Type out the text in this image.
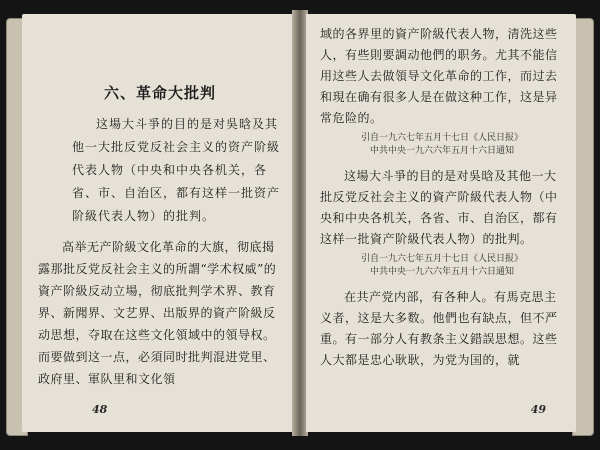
六、革命大批判
这場大斗爭的目的是对吳晗及其他一大批反党反社会主义的资产阶級代表人物（中央和中央各机关，各省、市、自治区，都有这样一批资产阶級代表人物）的批判。
高举无产阶級文化革命的大旗，彻底揭露那批反党反社会主义的所謂“学术权威”的資产阶級反动立場，彻底批判学术界、教育界、新聞界、文艺界、出版界的資产阶級反动思想，夺取在这些文化領域中的領导权。而要做到这一点，必須同时批判混进党里、政府里、軍队里和文化領
48
域的各界里的資产阶級代表人物，清洗这些人，有些則要調动他們的职务。尤其不能信用这些人去做領导文化革命的工作，而过去和現在确有很多人是在做这种工作，这是异常危险的。
引自一九六七年五月十七日《人民日报》
中共中央一九六六年五月十六日通知
这場大斗爭的目的是对吳晗及其他一大批反党反社会主义的資产阶級代表人物（中央和中央各机关，各省、市、自治区，都有这样一批資产阶級代表人物）的批判。
引自一九六七年五月十七日《人民日报》
中共中央一九六六年五月十六日通知
在共产党内部，有各种人。有馬克思主义者，这是大多数。他們也有缺点，但不严重。有一部分人有教条主义錯誤思想。这些人大都是忠心耿耿，为党为国的，就
49
